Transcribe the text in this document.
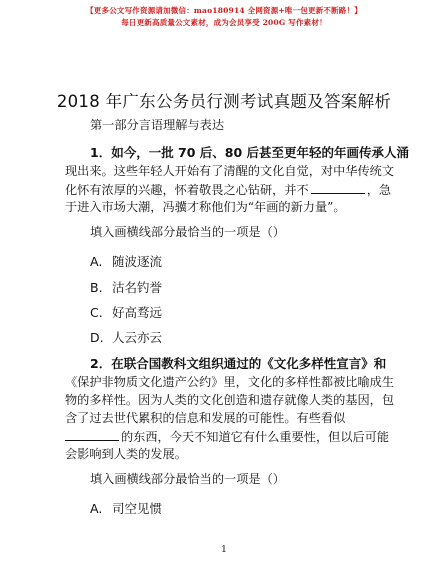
【更多公文写作资源请加微信：mao180914 全网资源+唯一包更新不断路！】
每日更新高质量公文素材，成为会员享受 200G 写作素材！
2018 年广东公务员行测考试真题及答案解析
第一部分言语理解与表达
1．如今，一批 70 后、80 后甚至更年轻的年画传承人涌
现出来。这些年轻人开始有了清醒的文化自觉，对中华传统文
化怀有浓厚的兴趣，怀着敬畏之心钻研，并不	，急
于进入市场大潮，冯骥才称他们为“年画的新力量”。
填入画横线部分最恰当的一项是（）
A. 随波逐流
B. 沽名钓誉
C. 好高骛远
D. 人云亦云
2．在联合国教科文组织通过的《文化多样性宣言》和
《保护非物质文化遗产公约》里，文化的多样性都被比喻成生
物的多样性。因为人类的文化创造和遗存就像人类的基因，包
含了过去世代累积的信息和发展的可能性。有些看似
的东西，今天不知道它有什么重要性，但以后可能
会影响到人类的发展。
填入画横线部分最恰当的一项是（）
A. 司空见惯
1
